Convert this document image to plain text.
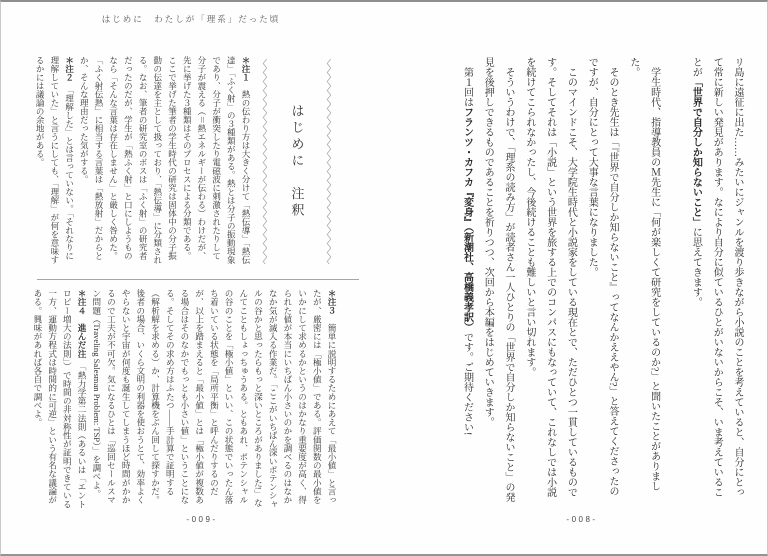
はじめに　わたしが「理系」だった頃

＊注１　熱の伝わり方は大きく分けて「熱伝導」「熱伝達」「ふく射」の３種類がある。熱とは分子の振動現象であり、分子が衝突したり電磁波に刺激されたりして分子が震える（＝熱エネルギーが伝わる）わけだが、先に挙げた３種類はそのプロセスによる分類である。ここで挙げた筆者の学生時代の研究は固体中の分子振動の伝達を主として扱っており、「熱伝導」に分類される。なお、筆者の研究室のボスは「ふく射」の研究者だったのだが、学生が「熱ふく射」と口にしようものなら「そんな言葉は存在しません」と厳しく咎めた。「ふく射伝熱」に相当する言葉は「熱放射」だからとか、そんな理由だった気がする。

＊注２　「理解した」とは言っていない。「それなりに理解していた」と言うにしても、「理解」が何を意味するかには議論の余地がある。	はじめに　注釈

＊注３　簡単に説明するためにあえて「最小値」と言ったが、厳密には「極小値」である。評価関数の最小値をいかにして求めるかというのはかなり重要度が高く、得られた値が本当にいちばん小さいのかを調べるのはなかなか気が滅入る作業だ。「ここがいちばん深いポテンシャルの谷かと思ったらもっと深いところがありました!」なんてこともしょっちゅうある。ともあれ、ポテンシャルの谷のことを「極小値」といい、この状態でいったん落ち着いている状態を「局所平衡」と呼んだりするのだが、以上を踏まえると「最小値」とは「極小値が複数ある場合はそのなかでもっとも小さい値」ということになる。そしてその求め方はふたつ――手計算で証明する（解析解を求める）か、計算機をぶん回して探すかだ。後者の場合、いくら文明の利器を使おうとて、効率よくやらないと宇宙が何度も誕生してしまうほど時間がかかるので工夫が不可欠。気になるひとは「巡回セールスマン問題（Traveling Salesman Problem: TSP）」を調べよ。

＊注４　進んだ注　「熱力学第二法則（あるいは「エントロピー増大の法則」）で時間の非対称性が証明できている一方、運動方程式は時間的に可逆」という有名な議論がある。興味があれば各自で調べよ。

-009-

リ島に遠征に出た……みたいにジャンルを渡り歩きながら小説のことを考えていると、自分にとって常に新しい発見があります。なにより自分に似ているひとがいないからこそ、いま考えていることが「世界で自分しか知らないこと」に思えてきます。

学生時代、指導教員のＭ先生に「何が楽しくて研究をしているのか?」と聞いたことがありました。

そのとき先生は「『世界で自分しか知らないこと』ってなんかええやん?」と答えてくださったのですが、自分にとって大事な言葉になりました。

このマインドこそ、大学院生時代と小説家をしている現在とで、ただひとつ一貫しているものです。そしてそれは「小説」という世界を旅する上でのコンパスにもなっていて、これなしでは小説を続けてこられなかったし、今後続けることも難しいと言い切れます。

そういうわけで、「理系の読み方」が読者さん一人ひとりの「世界で自分しか知らないこと」の発見を後押しできるものであることを祈りつつ、次回から本編をはじめていきます。

第１回はフランツ・カフカ『変身』（新潮社、高橋義孝訳）です。ご期待ください!

-008-
